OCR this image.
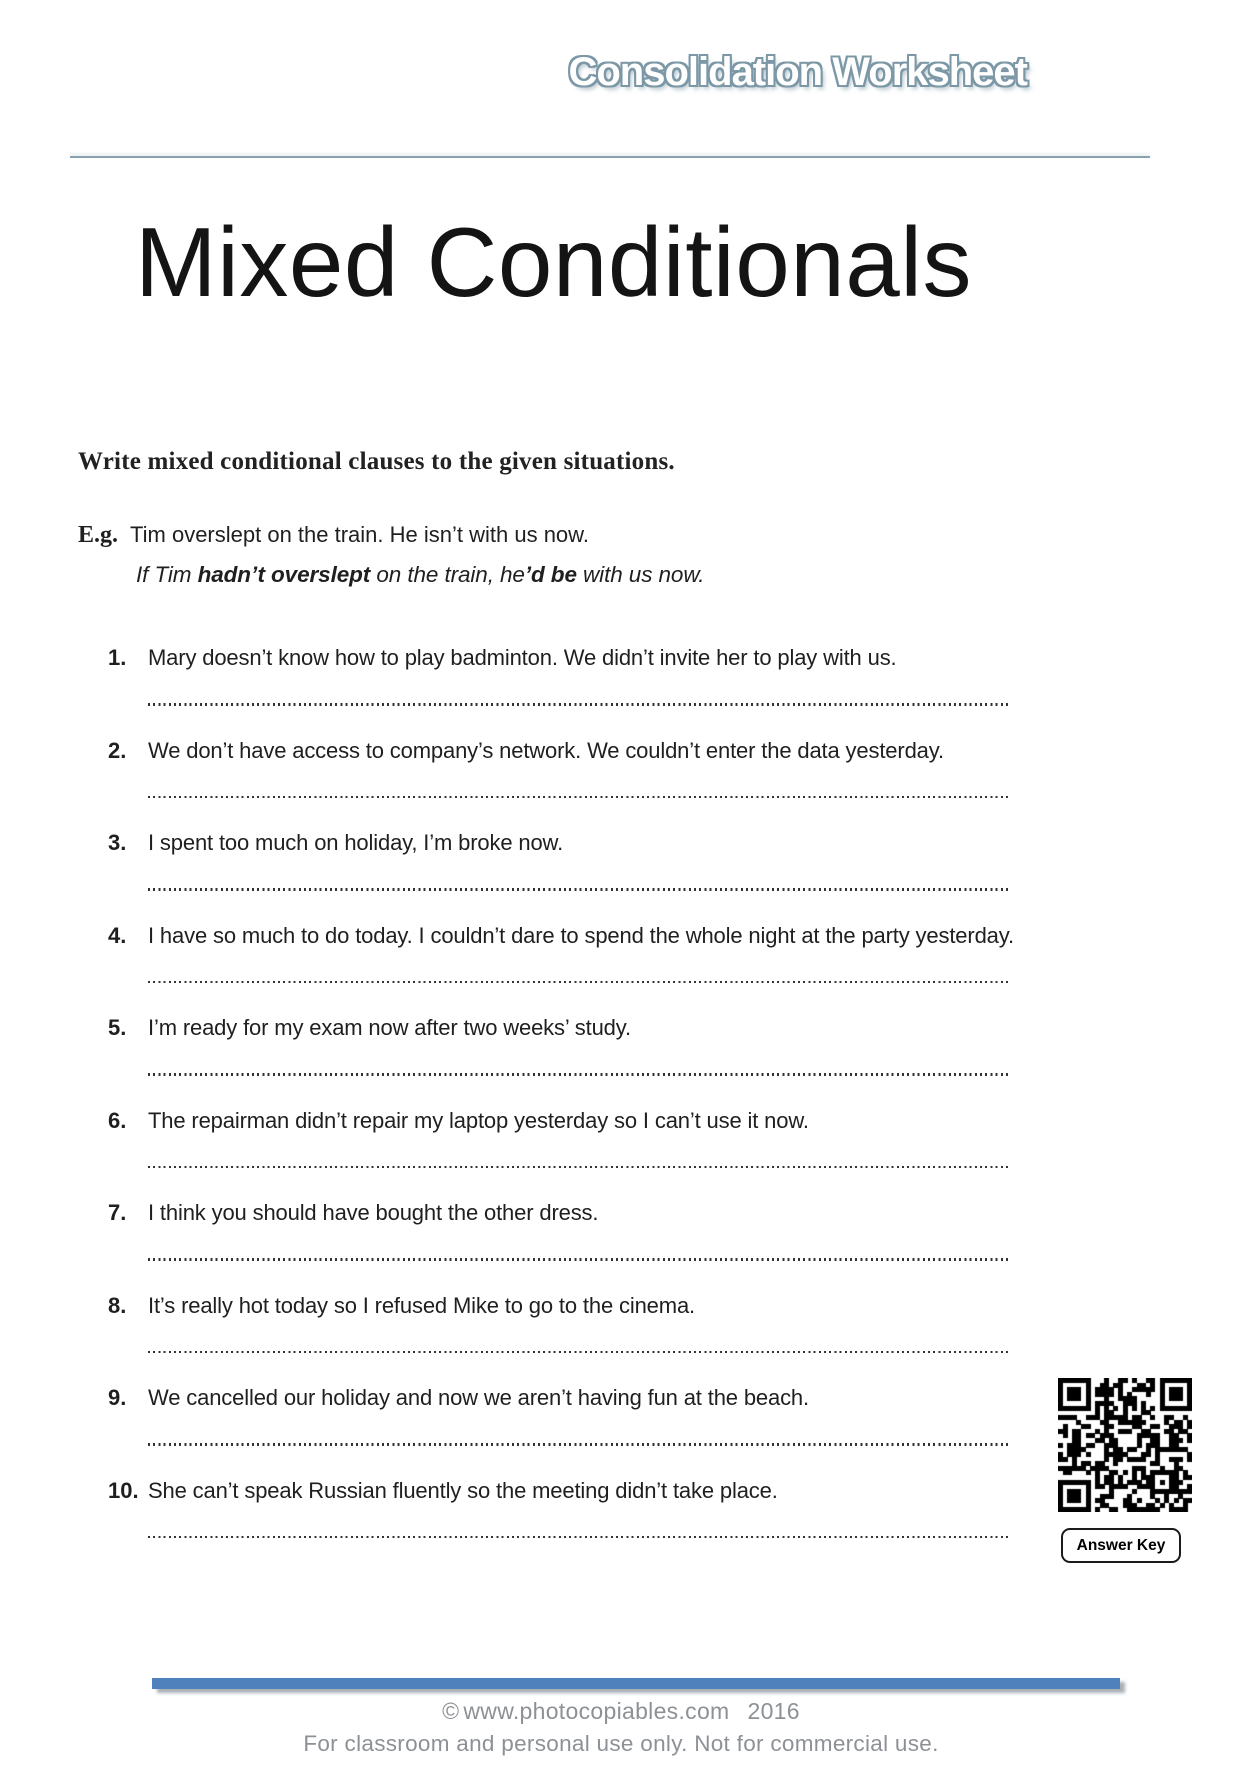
Consolidation Worksheet
Mixed Conditionals
Write mixed conditional clauses to the given situations.
E.g. Tim overslept on the train. He isn’t with us now.
If Tim hadn’t overslept on the train, he’d be with us now.
1. Mary doesn’t know how to play badminton. We didn’t invite her to play with us.
2. We don’t have access to company’s network. We couldn’t enter the data yesterday.
3. I spent too much on holiday, I’m broke now.
4. I have so much to do today. I couldn’t dare to spend the whole night at the party yesterday.
5. I’m ready for my exam now after two weeks’ study.
6. The repairman didn’t repair my laptop yesterday so I can’t use it now.
7. I think you should have bought the other dress.
8. It’s really hot today so I refused Mike to go to the cinema.
9. We cancelled our holiday and now we aren’t having fun at the beach.
10. She can’t speak Russian fluently so the meeting didn’t take place.
Answer Key
© www.photocopiables.com 2016
For classroom and personal use only. Not for commercial use.
